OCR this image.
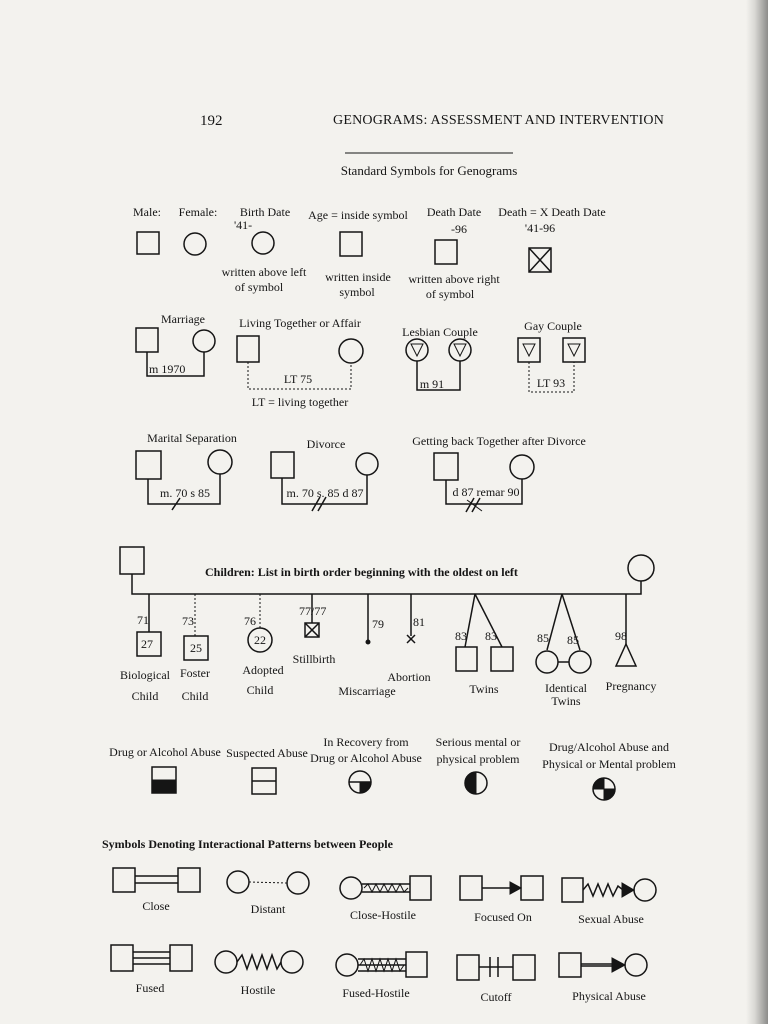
192	GENOGRAMS: ASSESSMENT AND INTERVENTION
Standard Symbols for Genograms
Male: Female: Birth Date
'41-
written above left
of symbol
Age = inside symbol
written inside
symbol
Death Date
-96
written above right
of symbol
Death = X Death Date
'41-96
Marriage
m 1970
Living Together or Affair
LT 75
LT = living together
Lesbian Couple
m 91
Gay Couple
LT 93
Marital Separation
m. 70 s 85
Divorce
m. 70 s. 85 d 87
Getting back Together after Divorce
d 87 remar 90
Children: List in birth order beginning with the oldest on left
71
27
Biological
Child
73
25
Foster
Child
76
22
Adopted
Child
77/77
Stillbirth
79
Miscarriage
81
Abortion
83 83
Twins
85 85
Identical
Twins
98
Pregnancy
Drug or Alcohol Abuse Suspected Abuse
In Recovery from
Drug or Alcohol Abuse
Serious mental or
physical problem
Drug/Alcohol Abuse and
Physical or Mental problem
Symbols Denoting Interactional Patterns between People
Close	Distant	Close-Hostile	Focused On	Sexual Abuse
Fused	Hostile	Fused-Hostile	Cutoff	Physical Abuse
